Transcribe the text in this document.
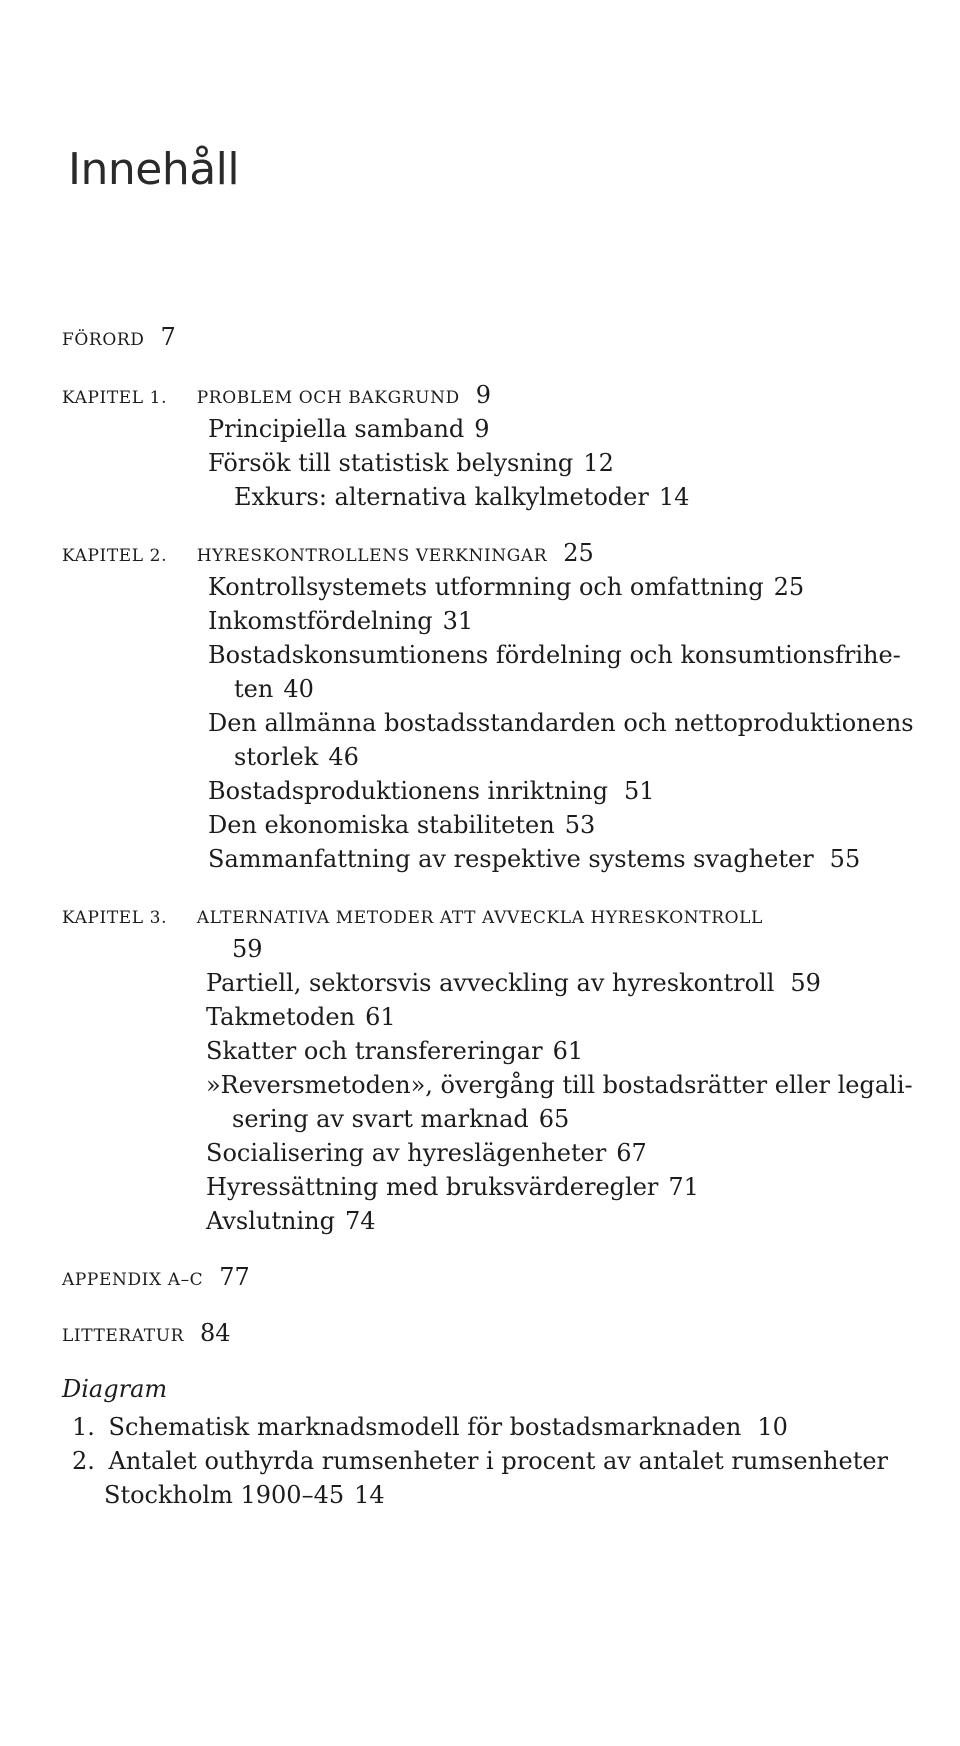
Innehåll
FÖRORD 7
KAPITEL 1. PROBLEM OCH BAKGRUND 9
Principiella samband 9
Försök till statistisk belysning 12
Exkurs: alternativa kalkylmetoder 14
KAPITEL 2. HYRESKONTROLLENS VERKNINGAR 25
Kontrollsystemets utformning och omfattning 25
Inkomstfördelning 31
Bostadskonsumtionens fördelning och konsumtionsfrihe-
ten 40
Den allmänna bostadsstandarden och nettoproduktionens
storlek 46
Bostadsproduktionens inriktning 51
Den ekonomiska stabiliteten 53
Sammanfattning av respektive systems svagheter 55
KAPITEL 3. ALTERNATIVA METODER ATT AVVECKLA HYRESKONTROLL
59
Partiell, sektorsvis avveckling av hyreskontroll 59
Takmetoden 61
Skatter och transfereringar 61
»Reversmetoden», övergång till bostadsrätter eller legali-
sering av svart marknad 65
Socialisering av hyreslägenheter 67
Hyressättning med bruksvärderegler 71
Avslutning 74
APPENDIX A–C 77
LITTERATUR 84
Diagram
1. Schematisk marknadsmodell för bostadsmarknaden 10
2. Antalet outhyrda rumsenheter i procent av antalet rumsenheter
Stockholm 1900–45 14
